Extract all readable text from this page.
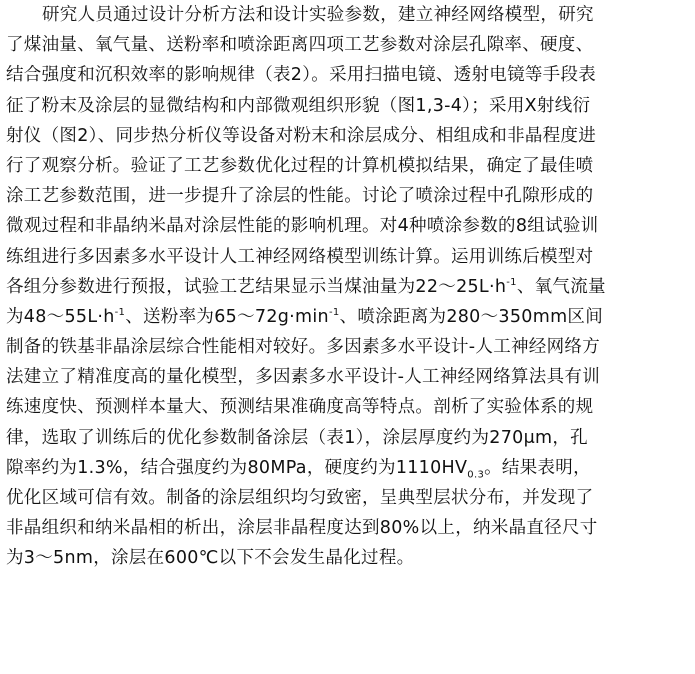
研究人员通过设计分析方法和设计实验参数，建立神经网络模型，研究
了煤油量、氧气量、送粉率和喷涂距离四项工艺参数对涂层孔隙率、硬度、
结合强度和沉积效率的影响规律（表2）。采用扫描电镜、透射电镜等手段表
征了粉末及涂层的显微结构和内部微观组织形貌（图1,3-4）；采用X射线衍
射仪（图2）、同步热分析仪等设备对粉末和涂层成分、相组成和非晶程度进
行了观察分析。验证了工艺参数优化过程的计算机模拟结果，确定了最佳喷
涂工艺参数范围，进一步提升了涂层的性能。讨论了喷涂过程中孔隙形成的
微观过程和非晶纳米晶对涂层性能的影响机理。对4种喷涂参数的8组试验训
练组进行多因素多水平设计人工神经网络模型训练计算。运用训练后模型对
各组分参数进行预报，试验工艺结果显示当煤油量为$22\sim 25L\cdot h^{-1}$、氧气流量
为$48\sim 55L\cdot h^{-1}$、送粉率为$65\sim 72g\cdot\min^{-1}$、喷涂距离为280～350mm区间
制备的铁基非晶涂层综合性能相对较好。多因素多水平设计-人工神经网络方
法建立了精准度高的量化模型，多因素多水平设计-人工神经网络算法具有训
练速度快、预测样本量大、预测结果准确度高等特点。剖析了实验体系的规
律，选取了训练后的优化参数制备涂层（表1），涂层厚度约为270μm，孔
隙率约为1.3%，结合强度约为80MPa，硬度约为$1110HV_{0.3}$。结果表明，
优化区域可信有效。制备的涂层组织均匀致密，呈典型层状分布，并发现了
非晶组织和纳米晶相的析出，涂层非晶程度达到80%以上，纳米晶直径尺寸
为3～5nm，涂层在600℃以下不会发生晶化过程。
